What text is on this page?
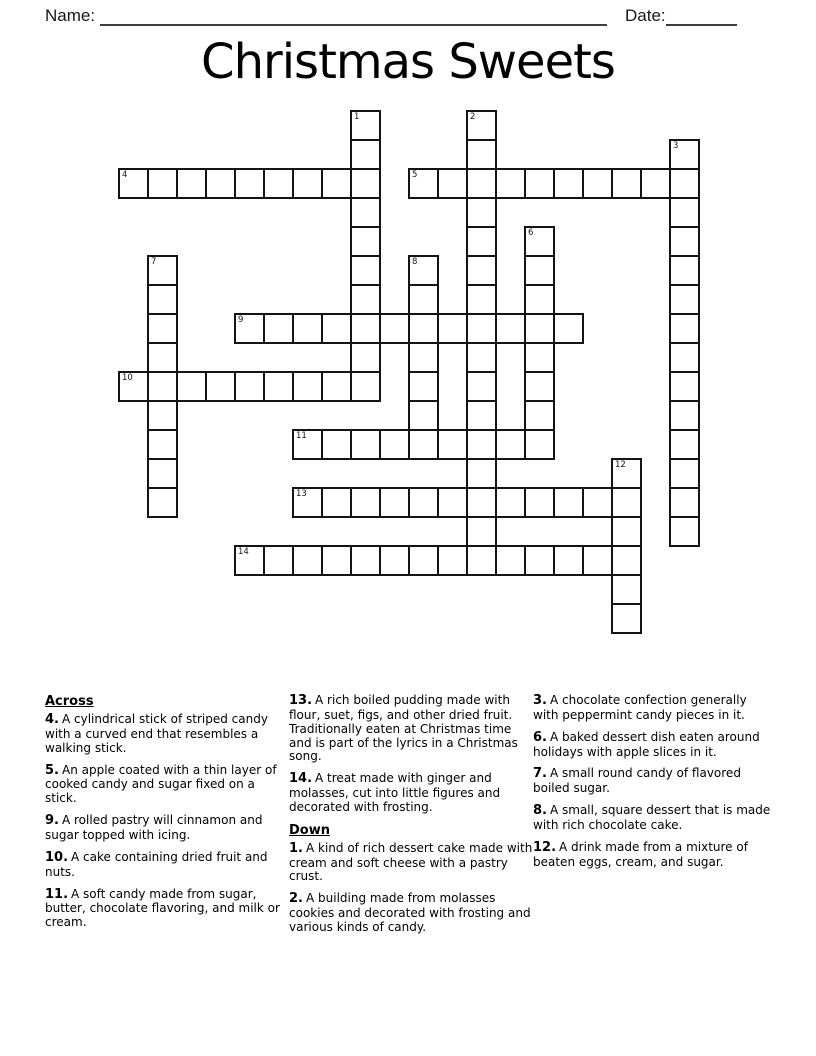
Name:	Date:
Christmas Sweets
1	2
3
4	5
6
7	8
9
10
11
12
13
14
Across
4. A cylindrical stick of striped candy with a curved end that resembles a walking stick.
5. An apple coated with a thin layer of cooked candy and sugar fixed on a stick.
9. A rolled pastry will cinnamon and sugar topped with icing.
10. A cake containing dried fruit and nuts.
11. A soft candy made from sugar, butter, chocolate flavoring, and milk or cream.
13. A rich boiled pudding made with flour, suet, figs, and other dried fruit. Traditionally eaten at Christmas time and is part of the lyrics in a Christmas song.
14. A treat made with ginger and molasses, cut into little figures and decorated with frosting.
Down
1. A kind of rich dessert cake made with cream and soft cheese with a pastry crust.
2. A building made from molasses cookies and decorated with frosting and various kinds of candy.
3. A chocolate confection generally with peppermint candy pieces in it.
6. A baked dessert dish eaten around holidays with apple slices in it.
7. A small round candy of flavored boiled sugar.
8. A small, square dessert that is made with rich chocolate cake.
12. A drink made from a mixture of beaten eggs, cream, and sugar.
